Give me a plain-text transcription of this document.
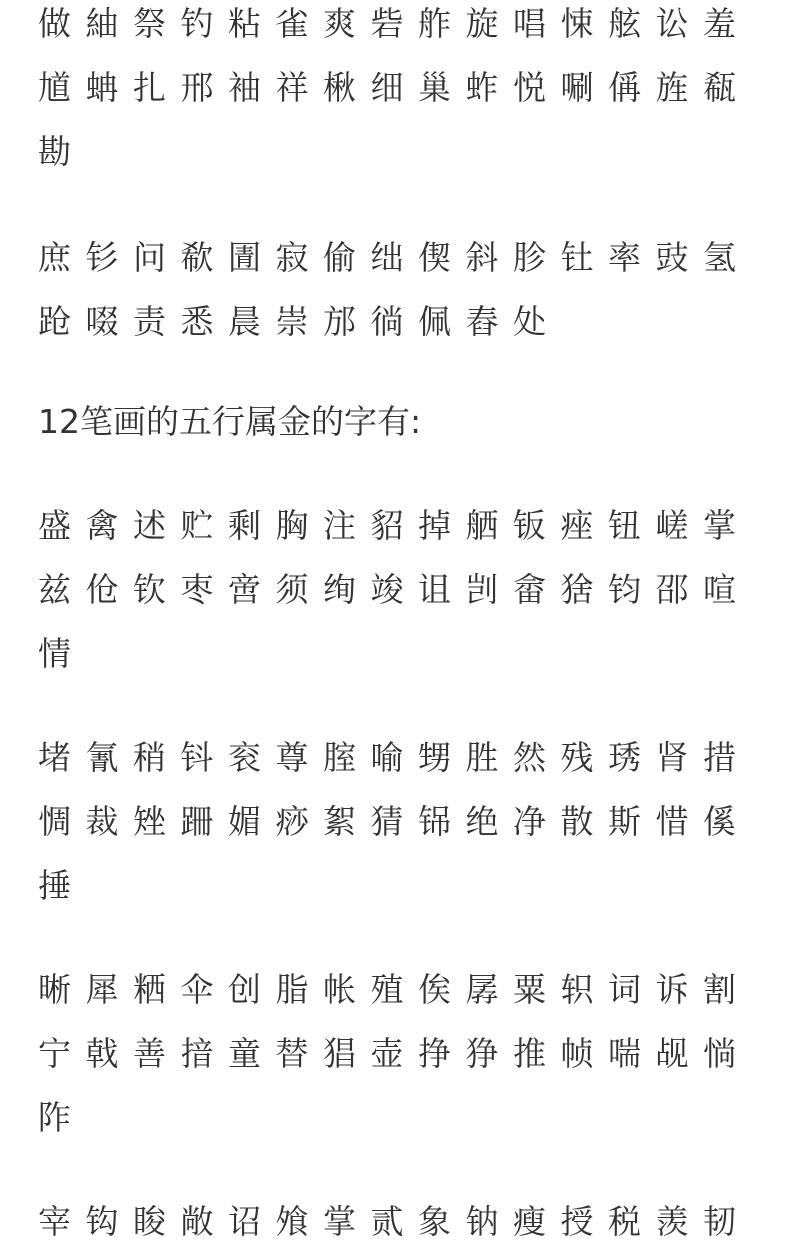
做紬祭钓粘雀爽砦舴旋唱悚舷讼羞馗蚺扎邢袖祥楸细巢蚱悦唰偁旌瓻勘

庶钐问欷圊寂偷绌偰斜胗钍率豉氢跄啜责悉晨崇邡徜佩舂处

12笔画的五行属金的字有:

盛禽述贮剩胸注貂掉舾钣痤钮嵯掌兹伧钦枣啻须绚竣诅剀畲猞钧邵喧情

堵氰稍钭衮尊腟喻甥胜然残琇肾措惆裁矬跚媚痧絮猜铞绝净散斯惜傒捶

晰犀粞伞创脂帐殖俟孱粟轵词诉割宁戟善揞童替猖壶挣狰推帧喘觇惝阼

宰钩睃敞诏飧掌贰象钠瘦授税羡韧
